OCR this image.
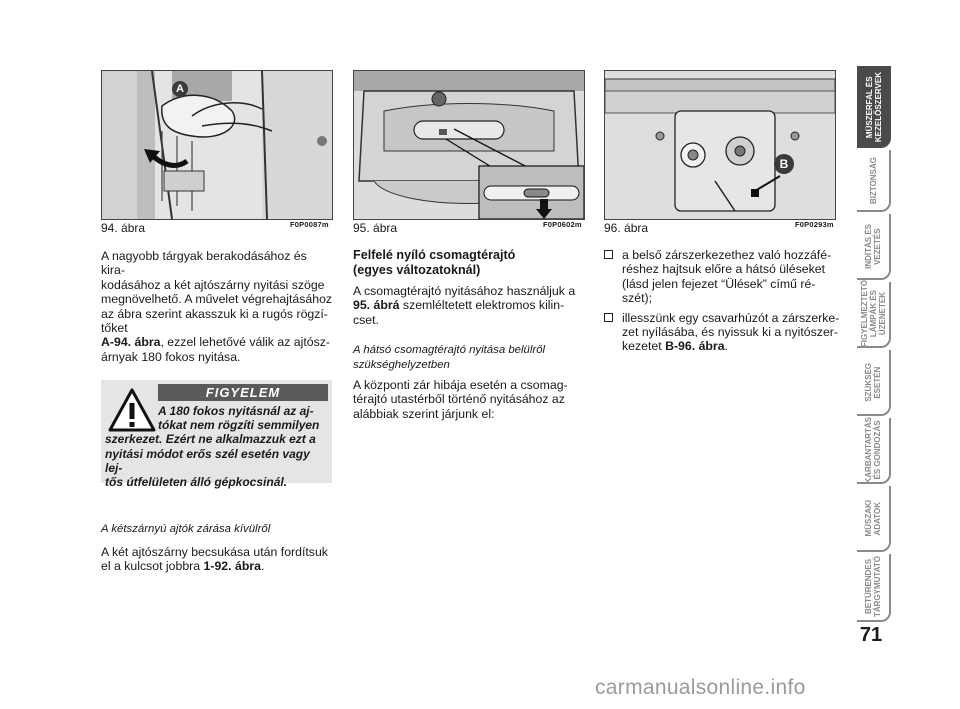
A
94. ábra	F0P0087m 95. ábra	F0P0602m
B
96. ábra	F0P0293m

A nagyobb tárgyak berakodásához és kira-

kodásához a két ajtószárny nyitási szöge

megnövelhető. A művelet végrehajtásához

az ábra szerint akasszuk ki a rugós rögzí-

tőket

A-94. ábra, ezzel lehetővé válik az ajtósz-

árnyak 180 fokos nyitása.

FIGYELEM
A 180 fokos nyitásnál az aj-
tókat nem rögzíti semmilyen
szerkezet. Ezért ne alkalmazzuk ezt a
nyitási módot erős szél esetén vagy lej-
tős útfelületen álló gépkocsinál.
A kétszárnyú ajtók zárása kívülről

A két ajtószárny becsukása után fordítsuk

el a kulcsot jobbra 1-92. ábra.

Felfelé nyíló csomagtérajtó
(egyes változatoknál)

A csomagtérajtó nyitásához használjuk a

95. ábrá szemléltetett elektromos kilin-

cset.

A hátsó csomagtérajtó nyitása belülről
szükséghelyzetben

A központi zár hibája esetén a csomag-

térajtó utastérből történő nyitásához az

alábbiak szerint járjunk el:

a belső zárszerkezethez való hozzáfé-

réshez hajtsuk előre a hátsó üléseket

(lásd jelen fejezet “Ülések” című ré-

szét);

illesszünk egy csavarhúzót a zárszerke-

zet nyílásába, és nyissuk ki a nyitószer-

kezetet B-96. ábra.

MŰSZERFAL ÉS
KEZELŐSZERVEK
BIZTONSÁG
INDÍTÁS ÉS
VEZETÉS
FIGYELMEZTETŐ
LÁMPÁK ÉS
ÜZENETEK
SZÜKSÉG
ESETÉN
KARBANTARTÁS
ÉS GONDOZÁS
MŰSZAKI
ADATOK
BETŰRENDES
TÁRGYMUTATÓ
71
carmanualsonline.info
